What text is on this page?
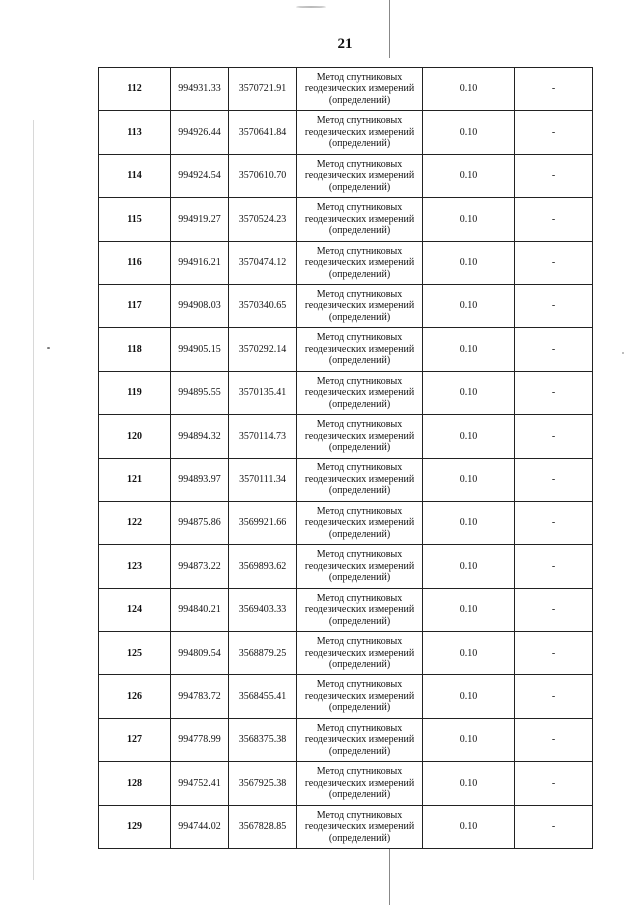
21
112	994931.33	3570721.91	Метод спутниковых
геодезических измерений
(определений)	0.10	-
113	994926.44	3570641.84	Метод спутниковых
геодезических измерений
(определений)	0.10	-
114	994924.54	3570610.70	Метод спутниковых
геодезических измерений
(определений)	0.10	-
115	994919.27	3570524.23	Метод спутниковых
геодезических измерений
(определений)	0.10	-
116	994916.21	3570474.12	Метод спутниковых
геодезических измерений
(определений)	0.10	-
117	994908.03	3570340.65	Метод спутниковых
геодезических измерений
(определений)	0.10	-
118	994905.15	3570292.14	Метод спутниковых
геодезических измерений
(определений)	0.10	-
119	994895.55	3570135.41	Метод спутниковых
геодезических измерений
(определений)	0.10	-
120	994894.32	3570114.73	Метод спутниковых
геодезических измерений
(определений)	0.10	-
121	994893.97	3570111.34	Метод спутниковых
геодезических измерений
(определений)	0.10	-
122	994875.86	3569921.66	Метод спутниковых
геодезических измерений
(определений)	0.10	-
123	994873.22	3569893.62	Метод спутниковых
геодезических измерений
(определений)	0.10	-
124	994840.21	3569403.33	Метод спутниковых
геодезических измерений
(определений)	0.10	-
125	994809.54	3568879.25	Метод спутниковых
геодезических измерений
(определений)	0.10	-
126	994783.72	3568455.41	Метод спутниковых
геодезических измерений
(определений)	0.10	-
127	994778.99	3568375.38	Метод спутниковых
геодезических измерений
(определений)	0.10	-
128	994752.41	3567925.38	Метод спутниковых
геодезических измерений
(определений)	0.10	-
129	994744.02	3567828.85	Метод спутниковых
геодезических измерений
(определений)	0.10	-
